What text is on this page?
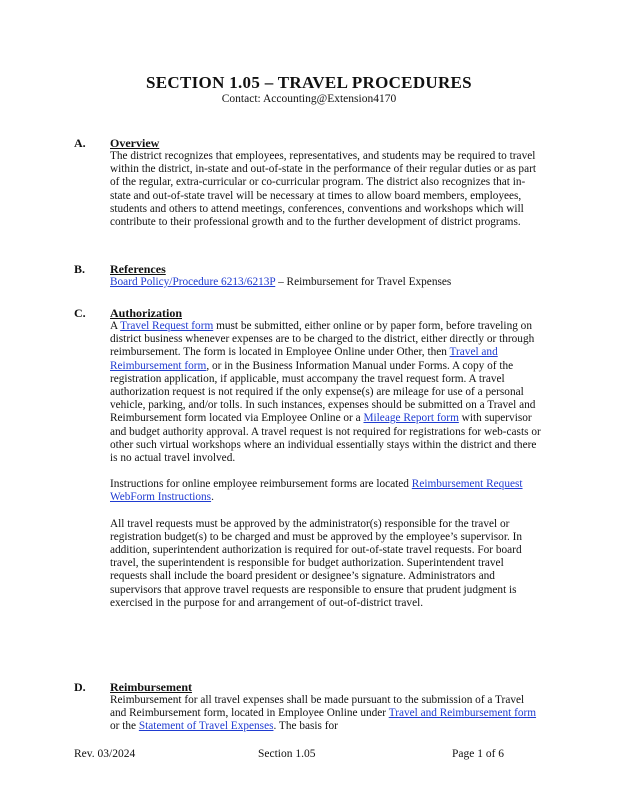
SECTION 1.05 – TRAVEL PROCEDURES
Contact: Accounting@Extension4170
A. Overview

The district recognizes that employees, representatives, and students may be required to travel within the district, in-state and out-of-state in the performance of their regular duties or as part of the regular, extra-curricular or co-curricular program. The district also recognizes that in-state and out-of-state travel will be necessary at times to allow board members, employees, students and others to attend meetings, conferences, conventions and workshops which will contribute to their professional growth and to the further development of district programs.

B. References

Board Policy/Procedure 6213/6213P – Reimbursement for Travel Expenses

C. Authorization

A Travel Request form must be submitted, either online or by paper form, before traveling on district business whenever expenses are to be charged to the district, either directly or through reimbursement. The form is located in Employee Online under Other, then Travel and Reimbursement form, or in the Business Information Manual under Forms. A copy of the registration application, if applicable, must accompany the travel request form. A travel authorization request is not required if the only expense(s) are mileage for use of a personal vehicle, parking, and/or tolls. In such instances, expenses should be submitted on a Travel and Reimbursement form located via Employee Online or a Mileage Report form with supervisor and budget authority approval. A travel request is not required for registrations for web-casts or other such virtual workshops where an individual essentially stays within the district and there is no actual travel involved.

Instructions for online employee reimbursement forms are located Reimbursement Request WebForm Instructions.

All travel requests must be approved by the administrator(s) responsible for the travel or registration budget(s) to be charged and must be approved by the employee’s supervisor. In addition, superintendent authorization is required for out-of-state travel requests. For board travel, the superintendent is responsible for budget authorization. Superintendent travel requests shall include the board president or designee’s signature. Administrators and supervisors that approve travel requests are responsible to ensure that prudent judgment is exercised in the purpose for and arrangement of out-of-district travel.

D. Reimbursement

Reimbursement for all travel expenses shall be made pursuant to the submission of a Travel and Reimbursement form, located in Employee Online under Travel and Reimbursement form or the Statement of Travel Expenses. The basis for

Rev. 03/2024	Section 1.05	Page 1 of 6
